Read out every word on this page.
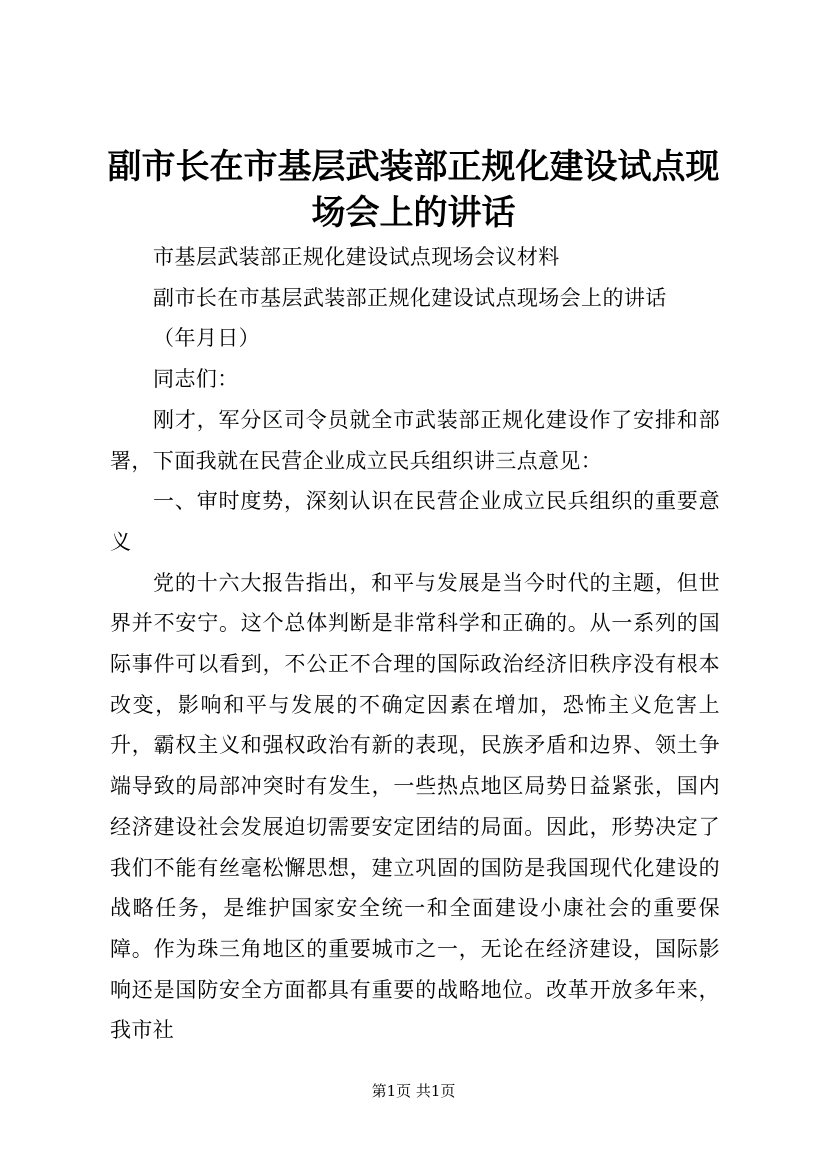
副市长在市基层武装部正规化建设试点现场会上的讲话

市基层武装部正规化建设试点现场会议材料

副市长在市基层武装部正规化建设试点现场会上的讲话

（年月日）

同志们：

刚才，军分区司令员就全市武装部正规化建设作了安排和部署，下面我就在民营企业成立民兵组织讲三点意见：

一、审时度势，深刻认识在民营企业成立民兵组织的重要意义

党的十六大报告指出，和平与发展是当今时代的主题，但世界并不安宁。这个总体判断是非常科学和正确的。从一系列的国际事件可以看到，不公正不合理的国际政治经济旧秩序没有根本改变，影响和平与发展的不确定因素在增加，恐怖主义危害上升，霸权主义和强权政治有新的表现，民族矛盾和边界、领土争端导致的局部冲突时有发生，一些热点地区局势日益紧张，国内经济建设社会发展迫切需要安定团结的局面。因此，形势决定了我们不能有丝毫松懈思想，建立巩固的国防是我国现代化建设的战略任务，是维护国家安全统一和全面建设小康社会的重要保障。作为珠三角地区的重要城市之一，无论在经济建设，国际影响还是国防安全方面都具有重要的战略地位。改革开放多年来，我市社

第1页 共1页
